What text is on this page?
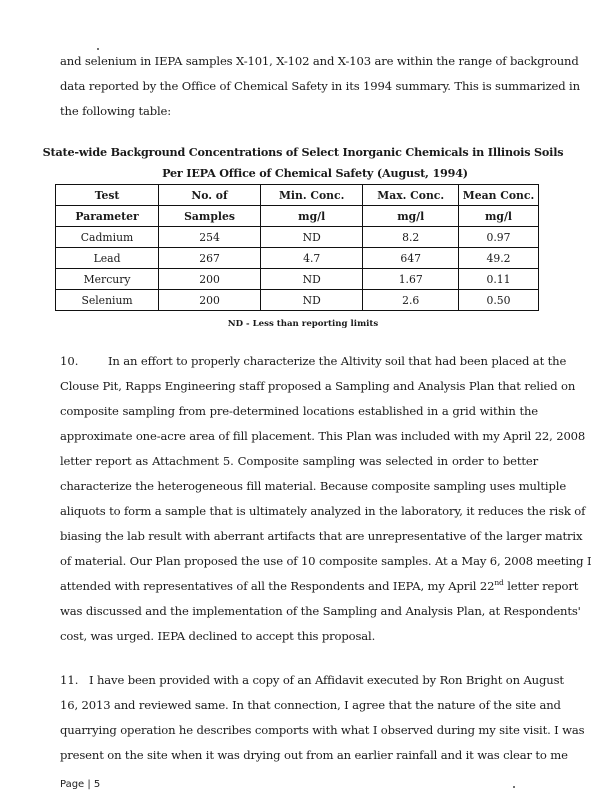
and selenium in IEPA samples X-101, X-102 and X-103 are within the range of background
data reported by the Office of Chemical Safety in its 1994 summary. This is summarized in
the following table:
State-wide Background Concentrations of Select Inorganic Chemicals in Illinois Soils
Per IEPA Office of Chemical Safety (August, 1994)
Test	No. of	Min. Conc.	Max. Conc.	Mean Conc.
Parameter	Samples	mg/l	mg/l	mg/l
Cadmium	254	ND	8.2	0.97
Lead	267	4.7	647	49.2
Mercury	200	ND	1.67	0.11
Selenium	200	ND	2.6	0.50
ND - Less than reporting limits
10.	In an effort to properly characterize the Altivity soil that had been placed at the
Clouse Pit, Rapps Engineering staff proposed a Sampling and Analysis Plan that relied on
composite sampling from pre-determined locations established in a grid within the
approximate one-acre area of fill placement. This Plan was included with my April 22, 2008
letter report as Attachment 5. Composite sampling was selected in order to better
characterize the heterogeneous fill material. Because composite sampling uses multiple
aliquots to form a sample that is ultimately analyzed in the laboratory, it reduces the risk of
biasing the lab result with aberrant artifacts that are unrepresentative of the larger matrix
of material. Our Plan proposed the use of 10 composite samples. At a May 6, 2008 meeting I
attended with representatives of all the Respondents and IEPA, my April 22nd letter report
was discussed and the implementation of the Sampling and Analysis Plan, at Respondents'
cost, was urged. IEPA declined to accept this proposal.
11. I have been provided with a copy of an Affidavit executed by Ron Bright on August
16, 2013 and reviewed same. In that connection, I agree that the nature of the site and
quarrying operation he describes comports with what I observed during my site visit. I was
present on the site when it was drying out from an earlier rainfall and it was clear to me
Page | 5
